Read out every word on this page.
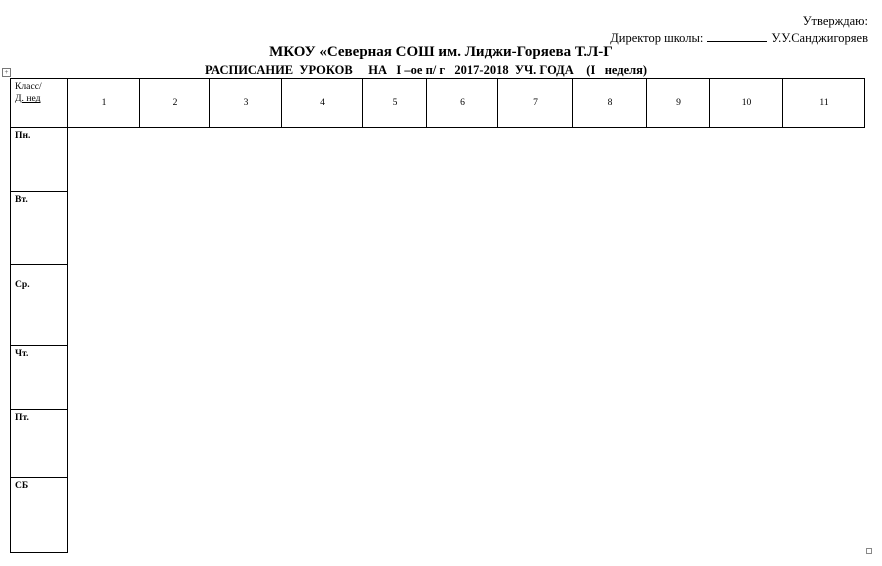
Утверждаю:
Директор школы:	У.У.Санджигоряев
МКОУ «Северная СОШ им. Лиджи-Горяева Т.Л-Г
+	РАСПИСАНИЕ  УРОКОВ     НА   I –ое п/ г   2017-2018  УЧ. ГОДА    (I   неделя)
Класс/
Д. нед	1	2	3	4	5	6	7	8	9	10	11
Пн.
Вт.
Ср.
Чт.
Пт.
СБ
